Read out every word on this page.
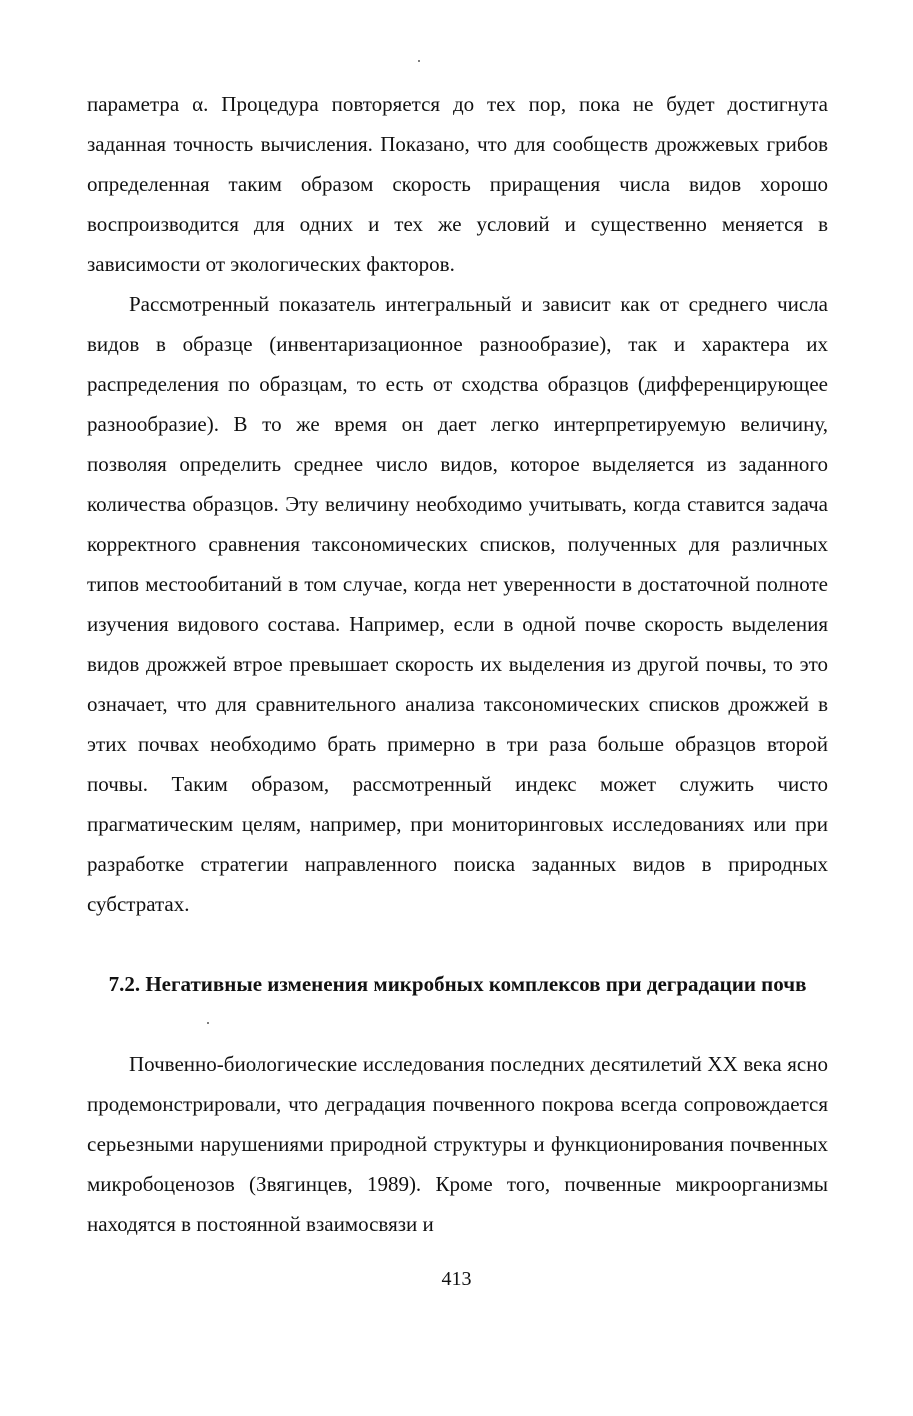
параметра α. Процедура повторяется до тех пор, пока не будет достигнута заданная точность вычисления. Показано, что для сообществ дрожжевых грибов определенная таким образом скорость приращения числа видов хорошо воспроизводится для одних и тех же условий и существенно меняется в зависимости от экологических факторов.

Рассмотренный показатель интегральный и зависит как от среднего числа видов в образце (инвентаризационное разнообразие), так и характера их распределения по образцам, то есть от сходства образцов (дифференцирующее разнообразие). В то же время он дает легко интерпретируемую величину, позволяя определить среднее число видов, которое выделяется из заданного количества образцов. Эту величину необходимо учитывать, когда ставится задача корректного сравнения таксономических списков, полученных для различных типов местообитаний в том случае, когда нет уверенности в достаточной полноте изучения видового состава. Например, если в одной почве скорость выделения видов дрожжей втрое превышает скорость их выделения из другой почвы, то это означает, что для сравнительного анализа таксономических списков дрожжей в этих почвах необходимо брать примерно в три раза больше образцов второй почвы. Таким образом, рассмотренный индекс может служить чисто прагматическим целям, например, при мониторинговых исследованиях или при разработке стратегии направленного поиска заданных видов в природных субстратах.

7.2. Негативные изменения микробных комплексов при деградации почв

Почвенно-биологические исследования последних десятилетий XX века ясно продемонстрировали, что деградация почвенного покрова всегда сопровождается серьезными нарушениями природной структуры и функционирования почвенных микробоценозов (Звягинцев, 1989). Кроме того, почвенные микроорганизмы находятся в постоянной взаимосвязи и

413
